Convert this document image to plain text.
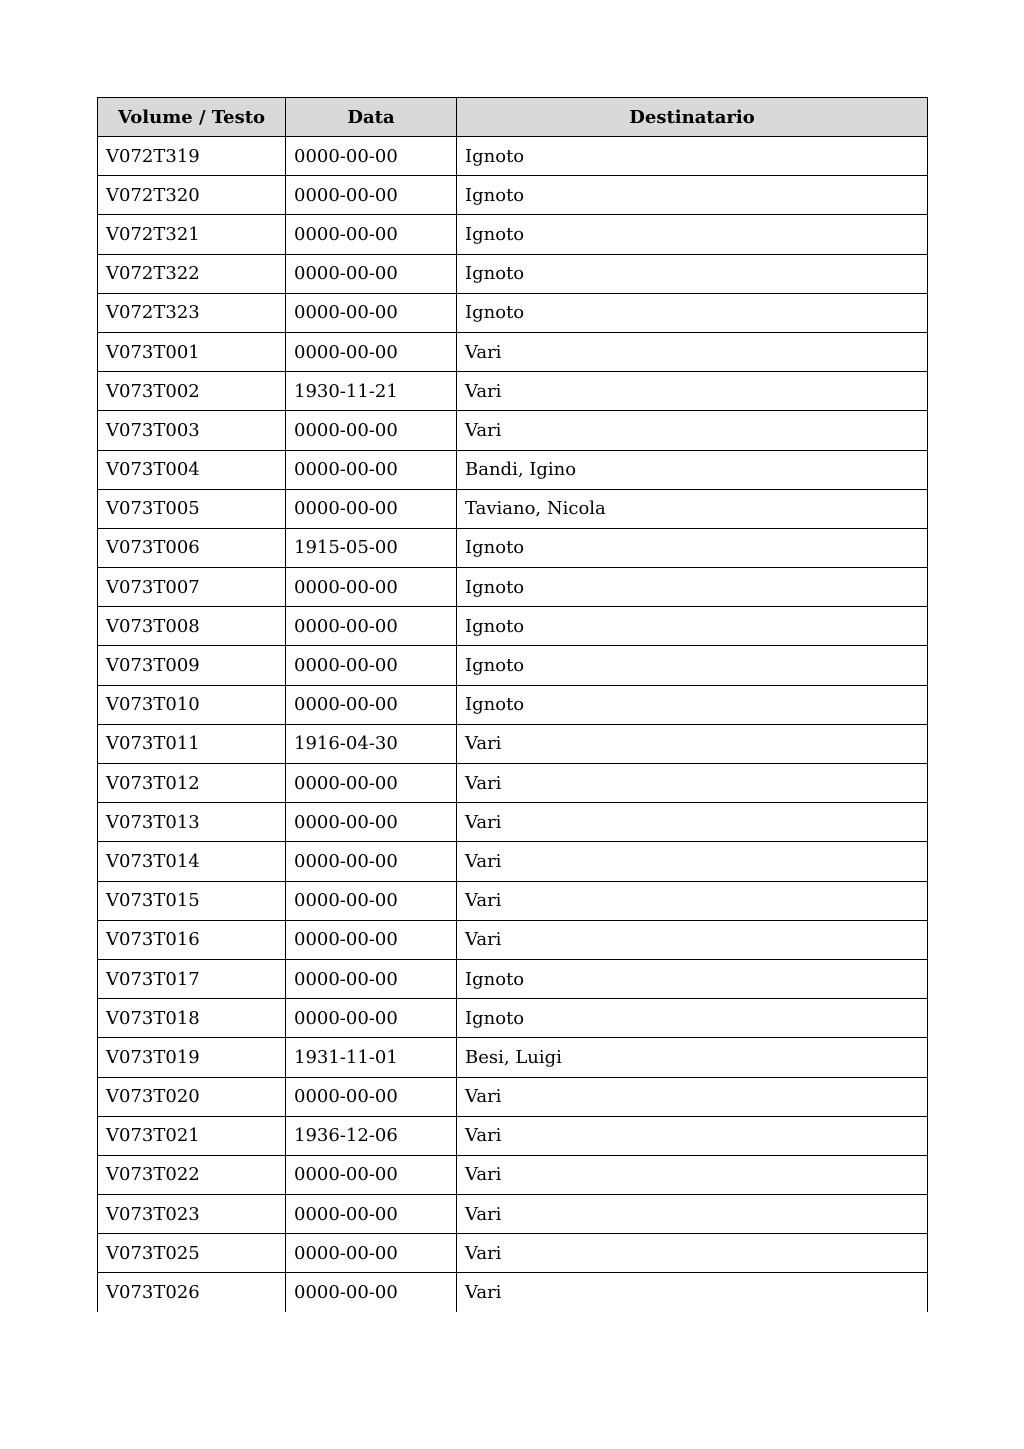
Volume / Testo	Data	Destinatario
V072T319	0000-00-00	Ignoto
V072T320	0000-00-00	Ignoto
V072T321	0000-00-00	Ignoto
V072T322	0000-00-00	Ignoto
V072T323	0000-00-00	Ignoto
V073T001	0000-00-00	Vari
V073T002	1930-11-21	Vari
V073T003	0000-00-00	Vari
V073T004	0000-00-00	Bandi, Igino
V073T005	0000-00-00	Taviano, Nicola
V073T006	1915-05-00	Ignoto
V073T007	0000-00-00	Ignoto
V073T008	0000-00-00	Ignoto
V073T009	0000-00-00	Ignoto
V073T010	0000-00-00	Ignoto
V073T011	1916-04-30	Vari
V073T012	0000-00-00	Vari
V073T013	0000-00-00	Vari
V073T014	0000-00-00	Vari
V073T015	0000-00-00	Vari
V073T016	0000-00-00	Vari
V073T017	0000-00-00	Ignoto
V073T018	0000-00-00	Ignoto
V073T019	1931-11-01	Besi, Luigi
V073T020	0000-00-00	Vari
V073T021	1936-12-06	Vari
V073T022	0000-00-00	Vari
V073T023	0000-00-00	Vari
V073T025	0000-00-00	Vari
V073T026	0000-00-00	Vari
